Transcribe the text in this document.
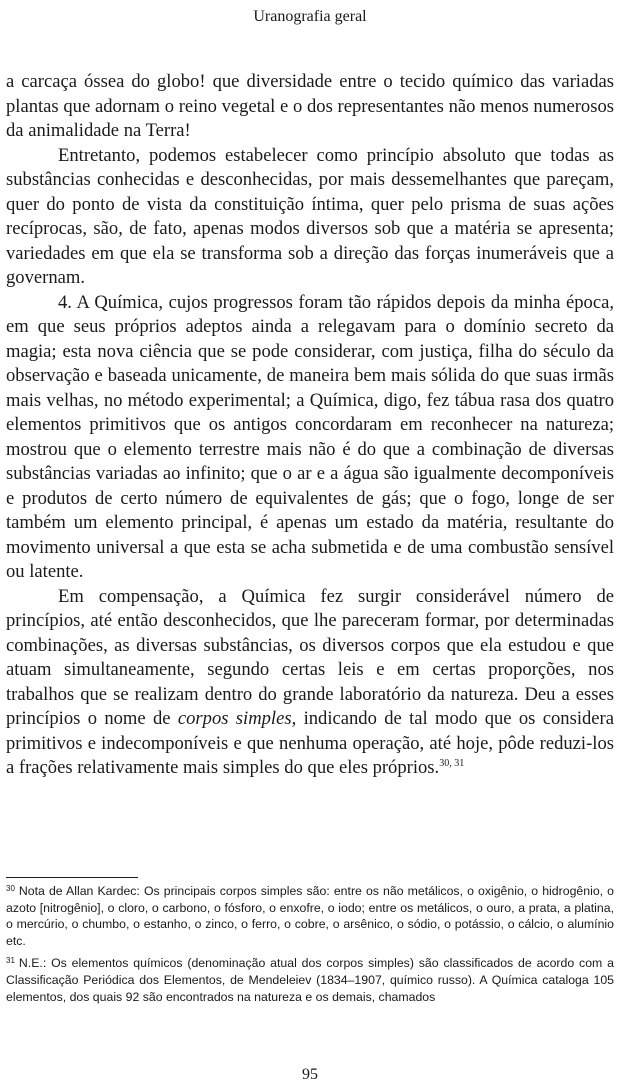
Uranografia geral

a carcaça óssea do globo! que diversidade entre o tecido químico das variadas plantas que adornam o reino vegetal e o dos representantes não menos numerosos da animalidade na Terra!

Entretanto, podemos estabelecer como princípio absoluto que todas as substâncias conhecidas e desconhecidas, por mais dessemelhantes que pareçam, quer do ponto de vista da constituição íntima, quer pelo prisma de suas ações recíprocas, são, de fato, apenas modos diversos sob que a matéria se apresenta; variedades em que ela se transforma sob a direção das forças inumeráveis que a governam.

4. A Química, cujos progressos foram tão rápidos depois da minha época, em que seus próprios adeptos ainda a relegavam para o domínio secreto da magia; esta nova ciência que se pode considerar, com justiça, filha do século da observação e baseada unicamente, de maneira bem mais sólida do que suas irmãs mais velhas, no método experimental; a Química, digo, fez tábua rasa dos quatro elementos primitivos que os antigos concordaram em reconhecer na natureza; mostrou que o elemento terrestre mais não é do que a combinação de diversas substâncias variadas ao infinito; que o ar e a água são igualmente decomponíveis e produtos de certo número de equivalentes de gás; que o fogo, longe de ser também um elemento principal, é apenas um estado da matéria, resultante do movimento universal a que esta se acha submetida e de uma combustão sensível ou latente.

Em compensação, a Química fez surgir considerável número de princípios, até então desconhecidos, que lhe pareceram formar, por determinadas combinações, as diversas substâncias, os diversos corpos que ela estudou e que atuam simultaneamente, segundo certas leis e em certas proporções, nos trabalhos que se realizam dentro do grande laboratório da natureza. Deu a esses princípios o nome de corpos simples, indicando de tal modo que os considera primitivos e indecomponíveis e que nenhuma operação, até hoje, pôde reduzi-los a frações relativamente mais simples do que eles próprios.$^{30, 31}$

$^{30}$ Nota de Allan Kardec: Os principais corpos simples são: entre os não metálicos, o oxigênio, o hidrogênio, o azoto [nitrogênio], o cloro, o carbono, o fósforo, o enxofre, o iodo; entre os metálicos, o ouro, a prata, a platina, o mercúrio, o chumbo, o estanho, o zinco, o ferro, o cobre, o arsênico, o sódio, o potássio, o cálcio, o alumínio etc.

$^{31}$ N.E.: Os elementos químicos (denominação atual dos corpos simples) são classificados de acordo com a Classificação Periódica dos Elementos, de Mendeleiev (1834–1907, químico russo). A Química cataloga 105 elementos, dos quais 92 são encontrados na natureza e os demais, chamados

95
